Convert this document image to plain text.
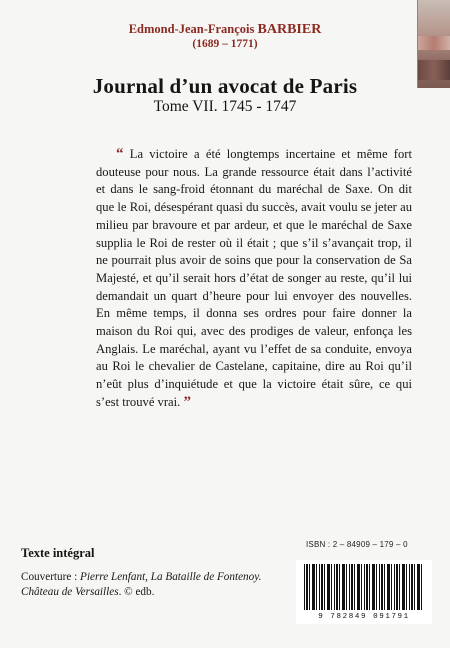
Edmond-Jean-François BARBIER
(1689 – 1771)
Journal d’un avocat de Paris
Tome VII. 1745 - 1747
“ La victoire a été longtemps incertaine et même fort douteuse pour nous. La grande ressource était dans l’activité et dans le sang-froid étonnant du maréchal de Saxe. On dit que le Roi, désespérant quasi du succès, avait voulu se jeter au milieu par bravoure et par ardeur, et que le maréchal de Saxe supplia le Roi de rester où il était ; que s’il s’avançait trop, il ne pourrait plus avoir de soins que pour la conservation de Sa Majesté, et qu’il serait hors d’état de songer au reste, qu’il lui demandait un quart d’heure pour lui envoyer des nouvelles. En même temps, il donna ses ordres pour faire donner la maison du Roi qui, avec des prodiges de valeur, enfonça les Anglais. Le maréchal, ayant vu l’effet de sa conduite, envoya au Roi le chevalier de Castelane, capitaine, dire au Roi qu’il n’eût plus d’inquiétude et que la victoire était sûre, ce qui s’est trouvé vrai. ”
Texte intégral
ISBN : 2 – 84909 – 179 – 0
Couverture : Pierre Lenfant, La Bataille de Fontenoy.
Château de Versailles. © edb.
9 782849 091791
